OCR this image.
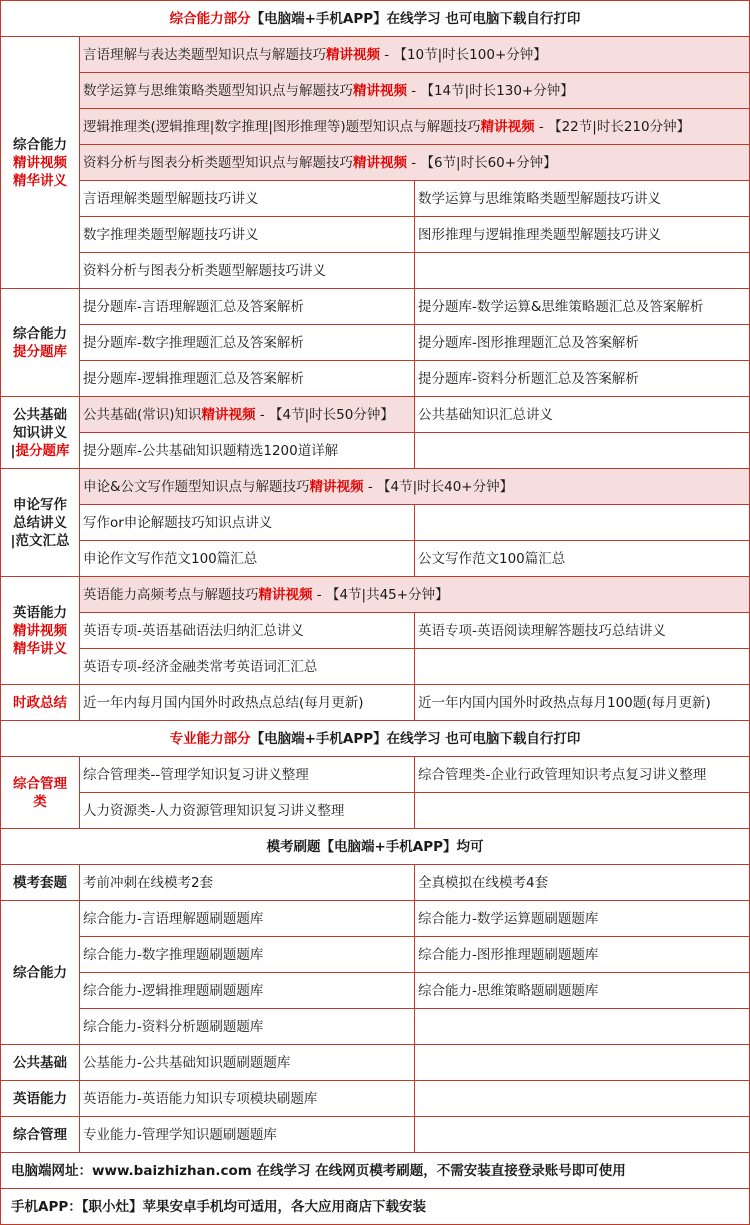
综合能力部分【电脑端+手机APP】在线学习 也可电脑下载自行打印		
综合能力
精讲视频
精华讲义	言语理解与表达类题型知识点与解题技巧精讲视频 - 【10节|时长100+分钟】	
	数学运算与思维策略类题型知识点与解题技巧精讲视频 - 【14节|时长130+分钟】	
	逻辑推理类(逻辑推理|数字推理|图形推理等)题型知识点与解题技巧精讲视频 - 【22节|时长210分钟】	
	资料分析与图表分析类题型知识点与解题技巧精讲视频 - 【6节|时长60+分钟】	
	言语理解类题型解题技巧讲义	数学运算与思维策略类题型解题技巧讲义
	数字推理类题型解题技巧讲义	图形推理与逻辑推理类题型解题技巧讲义
	资料分析与图表分析类题型解题技巧讲义	
综合能力
提分题库	提分题库-言语理解题汇总及答案解析	提分题库-数学运算&思维策略题汇总及答案解析
	提分题库-数字推理题汇总及答案解析	提分题库-图形推理题汇总及答案解析
	提分题库-逻辑推理题汇总及答案解析	提分题库-资料分析题汇总及答案解析
公共基础
知识讲义
|提分题库	公共基础(常识)知识精讲视频 - 【4节|时长50分钟】	公共基础知识汇总讲义
	提分题库-公共基础知识题精选1200道详解	
申论写作
总结讲义
|范文汇总	申论&公文写作题型知识点与解题技巧精讲视频 - 【4节|时长40+分钟】	
	写作or申论解题技巧知识点讲义	
	申论作文写作范文100篇汇总	公文写作范文100篇汇总
英语能力
精讲视频
精华讲义	英语能力高频考点与解题技巧精讲视频 - 【4节|共45+分钟】	
	英语专项-英语基础语法归纳汇总讲义	英语专项-英语阅读理解答题技巧总结讲义
	英语专项-经济金融类常考英语词汇汇总	
时政总结	近一年内每月国内国外时政热点总结(每月更新)	近一年内国内国外时政热点每月100题(每月更新)
专业能力部分【电脑端+手机APP】在线学习 也可电脑下载自行打印		
综合管理
类	综合管理类--管理学知识复习讲义整理	综合管理类-企业行政管理知识考点复习讲义整理
	人力资源类-人力资源管理知识复习讲义整理	
模考刷题【电脑端+手机APP】均可		
模考套题	考前冲刺在线模考2套	全真模拟在线模考4套
综合能力	综合能力-言语理解题刷题题库	综合能力-数学运算题刷题题库
	综合能力-数字推理题刷题题库	综合能力-图形推理题刷题题库
	综合能力-逻辑推理题刷题题库	综合能力-思维策略题刷题题库
	综合能力-资料分析题刷题题库	
公共基础	公基能力-公共基础知识题刷题题库	
英语能力	英语能力-英语能力知识专项模块刷题库	
综合管理	专业能力-管理学知识题刷题题库	
电脑端网址：www.baizhizhan.com 在线学习 在线网页模考刷题，不需安装直接登录账号即可使用		
手机APP：【职小灶】苹果安卓手机均可适用，各大应用商店下载安装		
